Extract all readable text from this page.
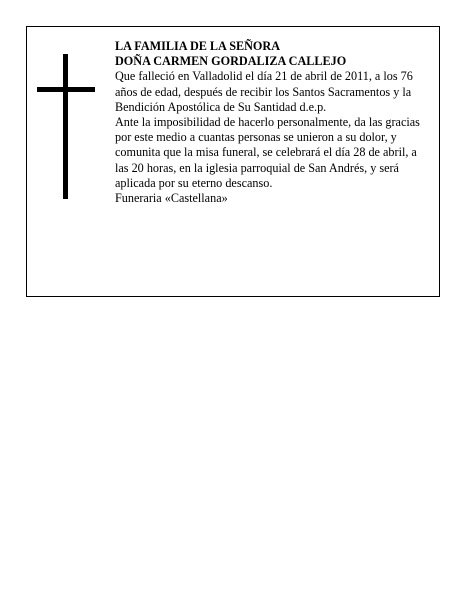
LA FAMILIA DE LA SEÑORA

DOÑA CARMEN GORDALIZA CALLEJO

Que falleció en Valladolid el día 21 de abril de 2011, a los 76 años de edad, después de recibir los Santos Sacramentos y la Bendición Apostólica de Su Santidad d.e.p.

Ante la imposibilidad de hacerlo personalmente, da las gracias por este medio a cuantas personas se unieron a su dolor, y comunita que la misa funeral, se celebrará el día 28 de abril, a las 20 horas, en la iglesia parroquial de San Andrés, y será aplicada por su eterno descanso.

Funeraria «Castellana»
